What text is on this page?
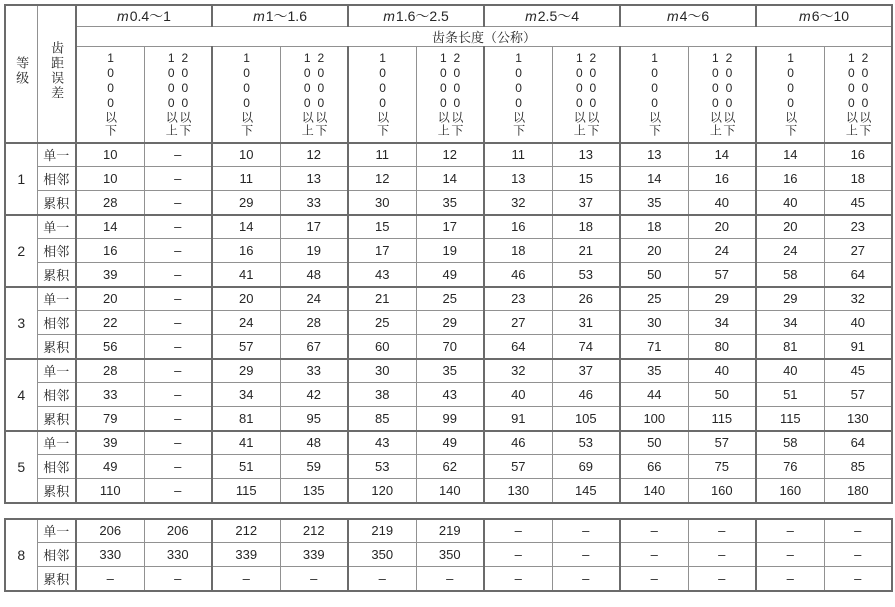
等级	齿距误差	m0.4～1		m1～1.6		m1.6～2.5		m2.5～4		m4～6		m6～10	
		齿条长度（公称）											

		1000以下	1000以上 2000以下	1000以下	1000以上 2000以下	1000以下	1000以上 2000以下	1000以下	1000以上 2000以下	1000以下	1000以上 2000以下	1000以下	1000以上 2000以下

1	单一	10	–	10	12	11	12	11	13	13	14	14	16
	相邻	10	–	11	13	12	14	13	15	14	16	16	18
	累积	28	–	29	33	30	35	32	37	35	40	40	45
2	单一	14	–	14	17	15	17	16	18	18	20	20	23
	相邻	16	–	16	19	17	19	18	21	20	24	24	27
	累积	39	–	41	48	43	49	46	53	50	57	58	64
3	单一	20	–	20	24	21	25	23	26	25	29	29	32
	相邻	22	–	24	28	25	29	27	31	30	34	34	40
	累积	56	–	57	67	60	70	64	74	71	80	81	91
4	单一	28	–	29	33	30	35	32	37	35	40	40	45
	相邻	33	–	34	42	38	43	40	46	44	50	51	57
	累积	79	–	81	95	85	99	91	105	100	115	115	130
5	单一	39	–	41	48	43	49	46	53	50	57	58	64
	相邻	49	–	51	59	53	62	57	69	66	75	76	85
	累积	110	–	115	135	120	140	130	145	140	160	160	180
8	单一	206	206	212	212	219	219	–	–	–	–	–	–
	相邻	330	330	339	339	350	350	–	–	–	–	–	–
	累积	–	–	–	–	–	–	–	–	–	–	–	–
